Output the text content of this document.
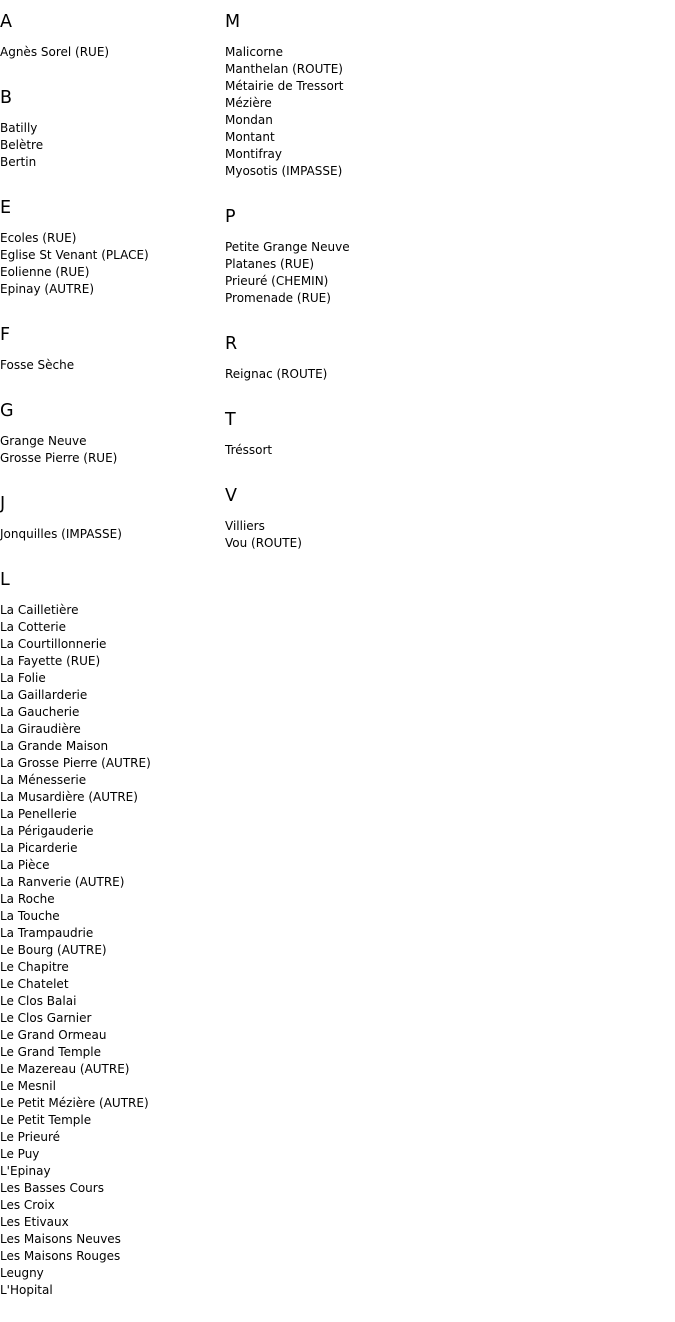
A
Agnès Sorel (RUE)
B
Batilly
Belètre
Bertin
E
Ecoles (RUE)
Eglise St Venant (PLACE)
Eolienne (RUE)
Epinay (AUTRE)
F
Fosse Sèche
G
Grange Neuve
Grosse Pierre (RUE)
J
Jonquilles (IMPASSE)
L
La Cailletière
La Cotterie
La Courtillonnerie
La Fayette (RUE)
La Folie
La Gaillarderie
La Gaucherie
La Giraudière
La Grande Maison
La Grosse Pierre (AUTRE)
La Ménesserie
La Musardière (AUTRE)
La Penellerie
La Périgauderie
La Picarderie
La Pièce
La Ranverie (AUTRE)
La Roche
La Touche
La Trampaudrie
Le Bourg (AUTRE)
Le Chapitre
Le Chatelet
Le Clos Balai
Le Clos Garnier
Le Grand Ormeau
Le Grand Temple
Le Mazereau (AUTRE)
Le Mesnil
Le Petit Mézière (AUTRE)
Le Petit Temple
Le Prieuré
Le Puy
L'Epinay
Les Basses Cours
Les Croix
Les Etivaux
Les Maisons Neuves
Les Maisons Rouges
Leugny
L'Hopital
M
Malicorne
Manthelan (ROUTE)
Métairie de Tressort
Mézière
Mondan
Montant
Montifray
Myosotis (IMPASSE)
P
Petite Grange Neuve
Platanes (RUE)
Prieuré (CHEMIN)
Promenade (RUE)
R
Reignac (ROUTE)
T
Tréssort
V
Villiers
Vou (ROUTE)
